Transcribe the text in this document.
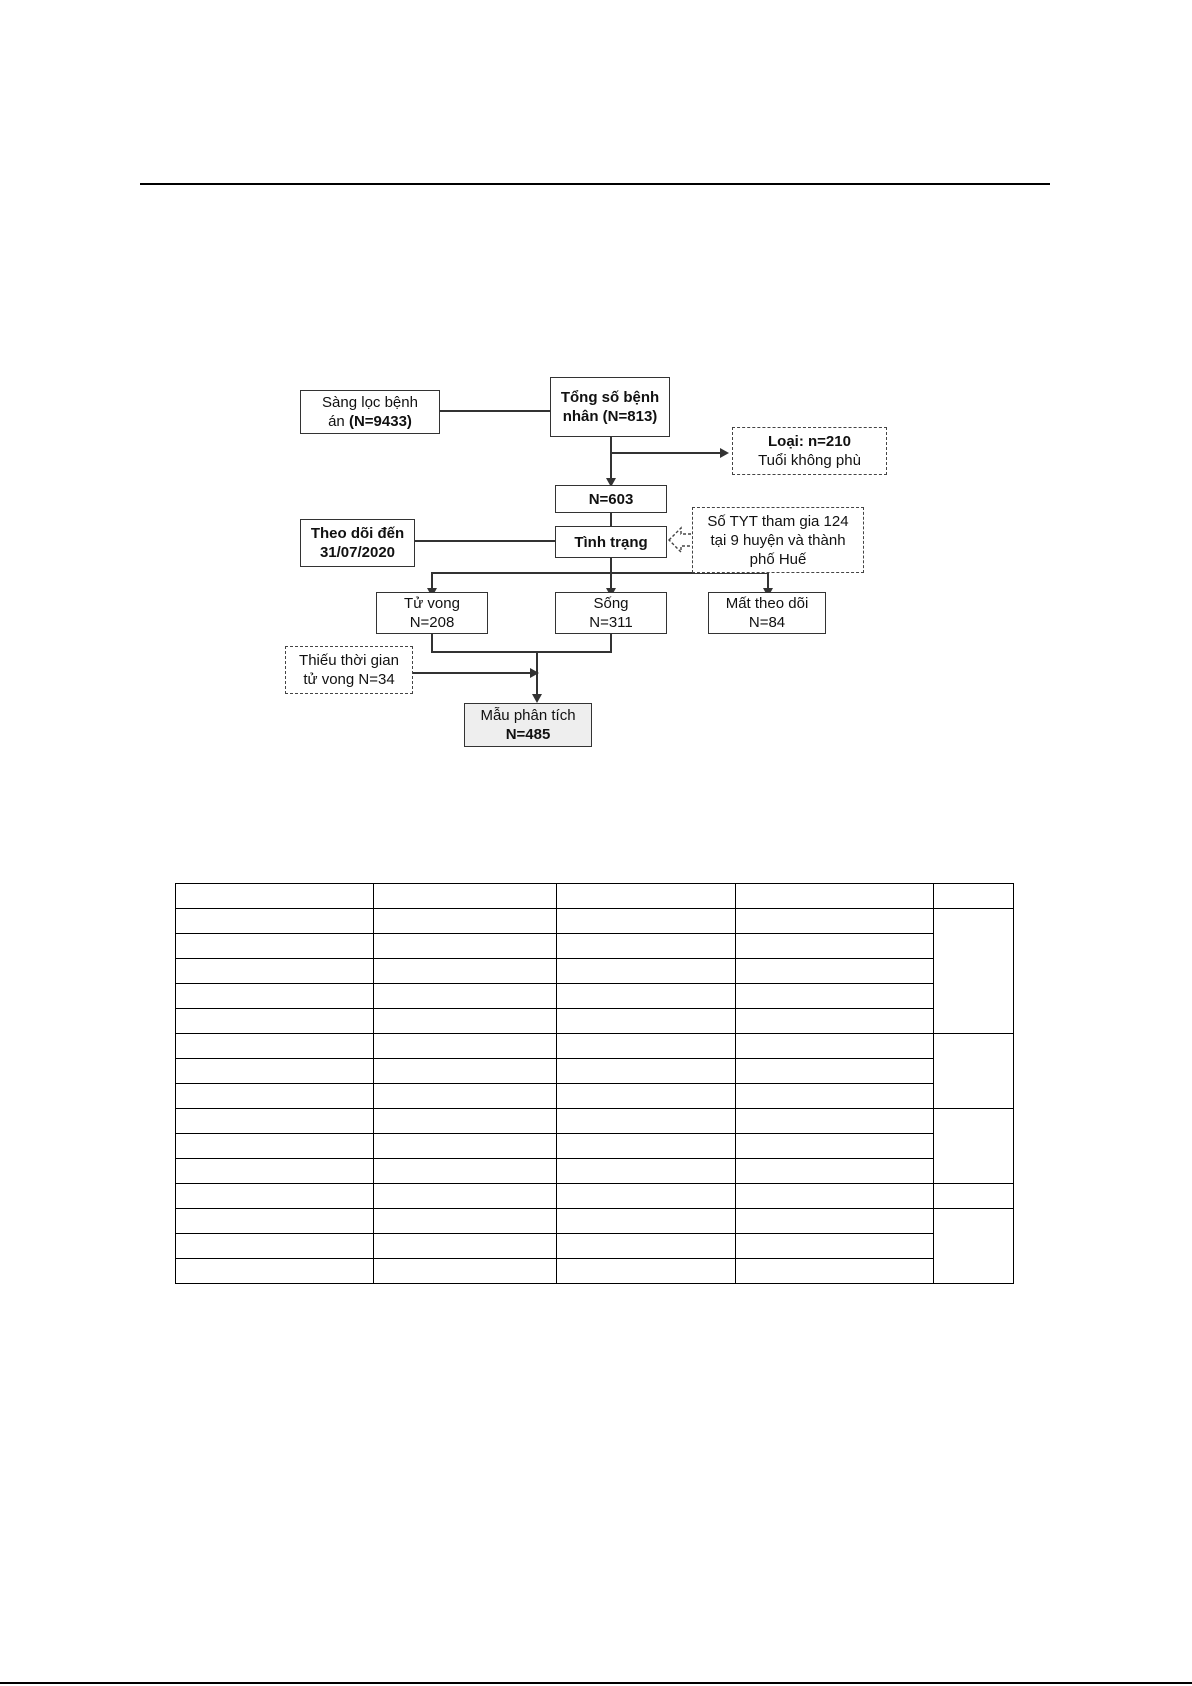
Sàng lọc bệnh
án (N=9433)
Tổng số bệnh
nhân (N=813)
Loại: n=210
Tuổi không phù
N=603
Theo dõi đến
31/07/2020
Tình trạng
Số TYT tham gia 124
tại 9 huyện và thành
phố Huế
Tử vong
N=208
Sống
N=311
Mất theo dõi
N=84
Thiếu thời gian
tử vong N=34
Mẫu phân tích
N=485
